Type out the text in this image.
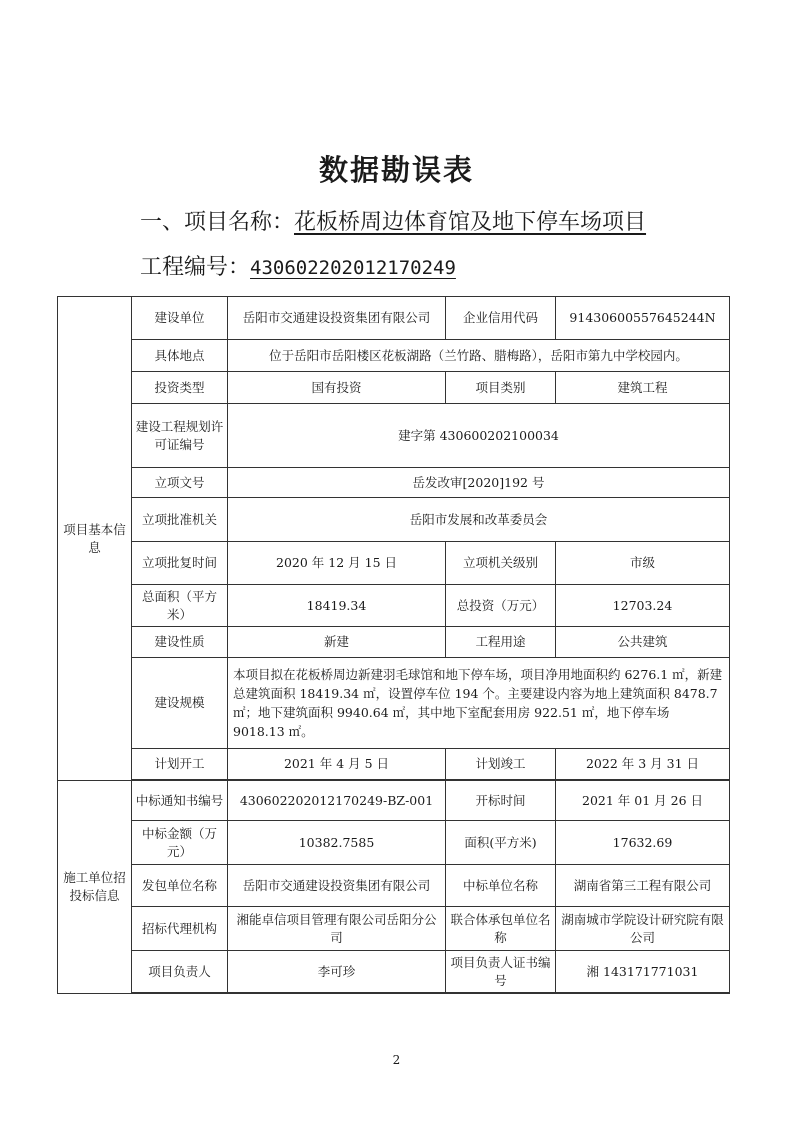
数据勘误表
一、项目名称：花板桥周边体育馆及地下停车场项目
工程编号：430602202012170249
项目基本信息	建设单位	岳阳市交通建设投资集团有限公司	企业信用代码	91430600557645244N
	具体地点	位于岳阳市岳阳楼区花板湖路（兰竹路、腊梅路），岳阳市第九中学校园内。		
	投资类型	国有投资	项目类别	建筑工程
	建设工程规划许可证编号	建字第 430600202100034		
	立项文号	岳发改审[2020]192 号		
	立项批准机关	岳阳市发展和改革委员会		
	立项批复时间	2020 年 12 月 15 日	立项机关级别	市级
	总面积（平方米）	18419.34	总投资（万元）	12703.24
	建设性质	新建	工程用途	公共建筑
	建设规模	本项目拟在花板桥周边新建羽毛球馆和地下停车场，项目净用地面积约 6276.1 ㎡，新建总建筑面积 18419.34 ㎡，设置停车位 194 个。主要建设内容为地上建筑面积 8478.7 ㎡；地下建筑面积 9940.64 ㎡，其中地下室配套用房 922.51 ㎡，地下停车场 9018.13 ㎡。		
	计划开工	2021 年 4 月 5 日	计划竣工	2022 年 3 月 31 日

施工单位招投标信息	中标通知书编号	430602202012170249-BZ-001	开标时间	2021 年 01 月 26 日
	中标金额（万元）	10382.7585	面积(平方米)	17632.69
	发包单位名称	岳阳市交通建设投资集团有限公司	中标单位名称	湖南省第三工程有限公司
	招标代理机构	湘能卓信项目管理有限公司岳阳分公司	联合体承包单位名称	湖南城市学院设计研究院有限公司
	项目负责人	李可珍	项目负责人证书编号	湘 143171771031

2
